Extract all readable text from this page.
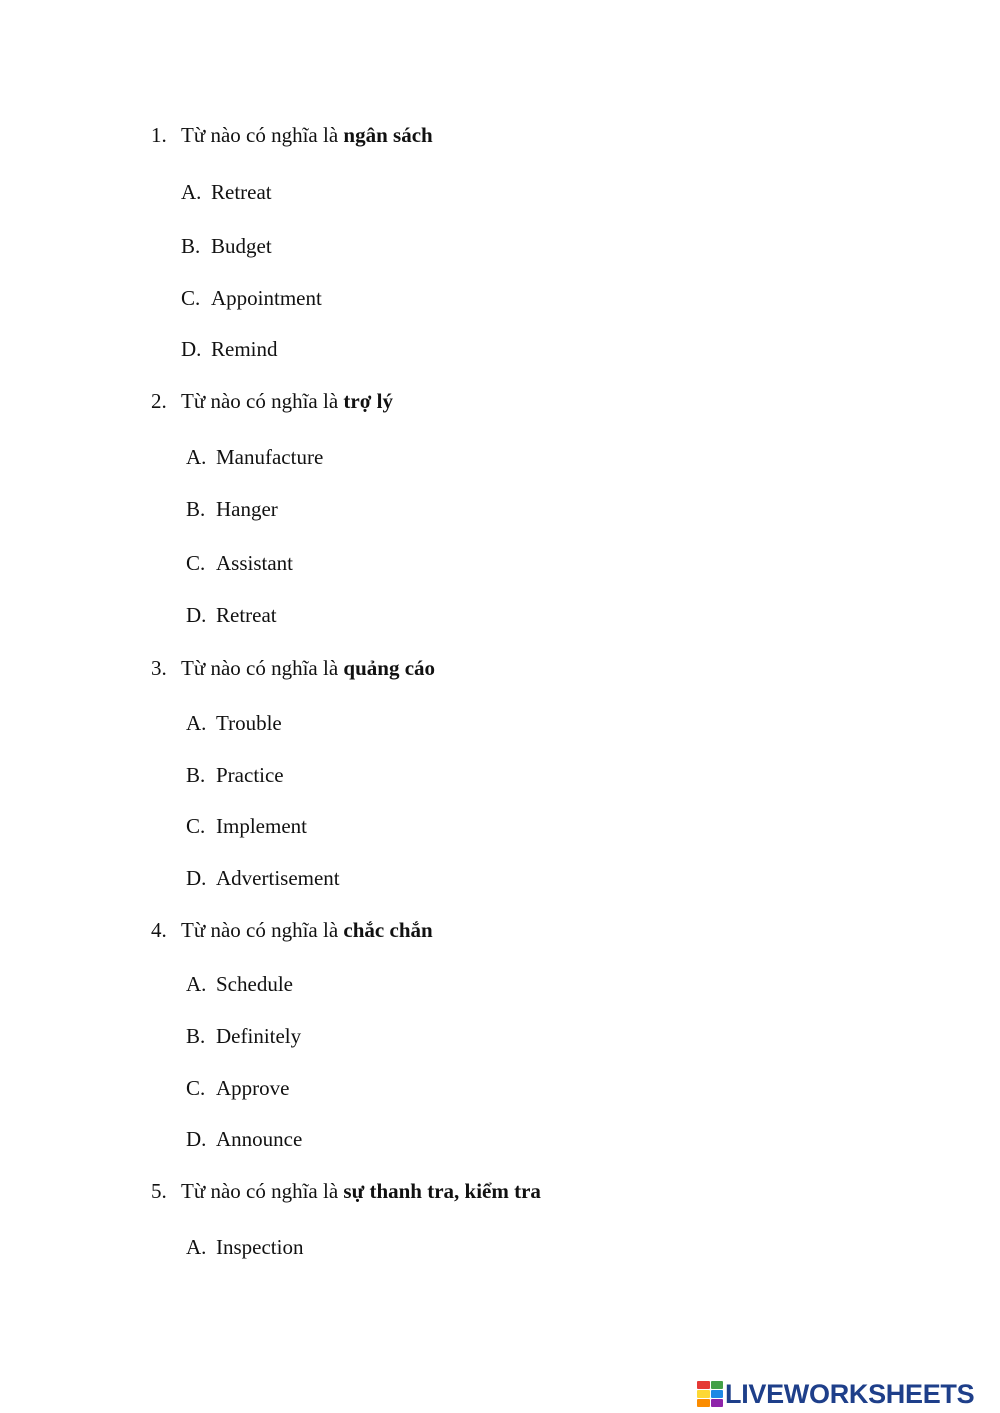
1. Từ nào có nghĩa là ngân sách
A. Retreat
B. Budget
C. Appointment
D. Remind
2. Từ nào có nghĩa là trợ lý
A. Manufacture
B. Hanger
C. Assistant
D. Retreat
3. Từ nào có nghĩa là quảng cáo
A. Trouble
B. Practice
C. Implement
D. Advertisement
4. Từ nào có nghĩa là chắc chắn
A. Schedule
B. Definitely
C. Approve
D. Announce
5. Từ nào có nghĩa là sự thanh tra, kiểm tra
A. Inspection
LIVEWORKSHEETS
